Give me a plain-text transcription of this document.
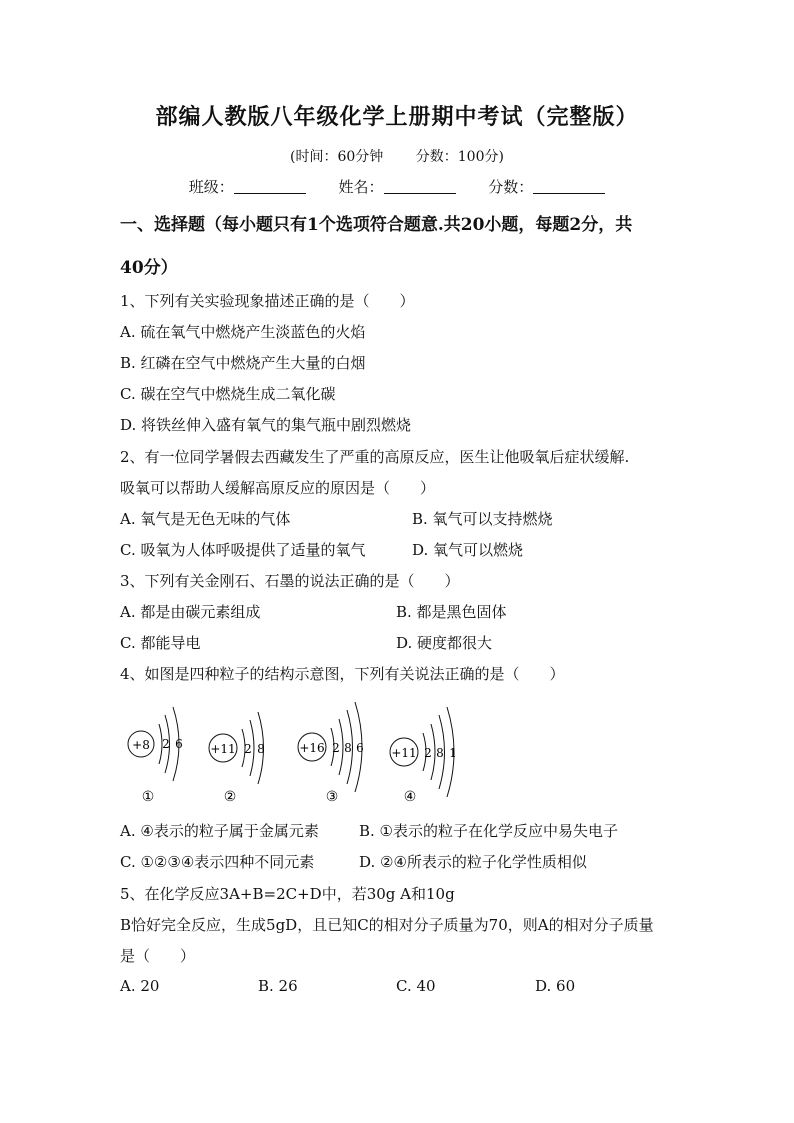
部编人教版八年级化学上册期中考试（完整版）
(时间：60分钟 分数：100分)
班级：	姓名：	分数：
一、选择题（每小题只有1个选项符合题意.共20小题，每题2分，共
40分）
1、下列有关实验现象描述正确的是（　　）
A. 硫在氧气中燃烧产生淡蓝色的火焰
B. 红磷在空气中燃烧产生大量的白烟
C. 碳在空气中燃烧生成二氧化碳
D. 将铁丝伸入盛有氧气的集气瓶中剧烈燃烧
2、有一位同学暑假去西藏发生了严重的高原反应，医生让他吸氧后症状缓解.
吸氧可以帮助人缓解高原反应的原因是（　　）
A. 氧气是无色无味的气体	B. 氧气可以支持燃烧
C. 吸氧为人体呼吸提供了适量的氧气	D. 氧气可以燃烧
3、下列有关金刚石、石墨的说法正确的是（　　）
A. 都是由碳元素组成	B. 都是黑色固体
C. 都能导电	D. 硬度都很大
4、如图是四种粒子的结构示意图，下列有关说法正确的是（　　）
+8 2 6
①
+11 2 8
②
+16 2 8 6
③
+11 2 8 1
④
A. ④表示的粒子属于金属元素	B. ①表示的粒子在化学反应中易失电子
C. ①②③④表示四种不同元素	D. ②④所表示的粒子化学性质相似
5、在化学反应3A+B=2C+D中，若30g A和10g
B恰好完全反应，生成5gD，且已知C的相对分子质量为70，则A的相对分子质量
是（　　）
A. 20	B. 26	C. 40	D. 60
